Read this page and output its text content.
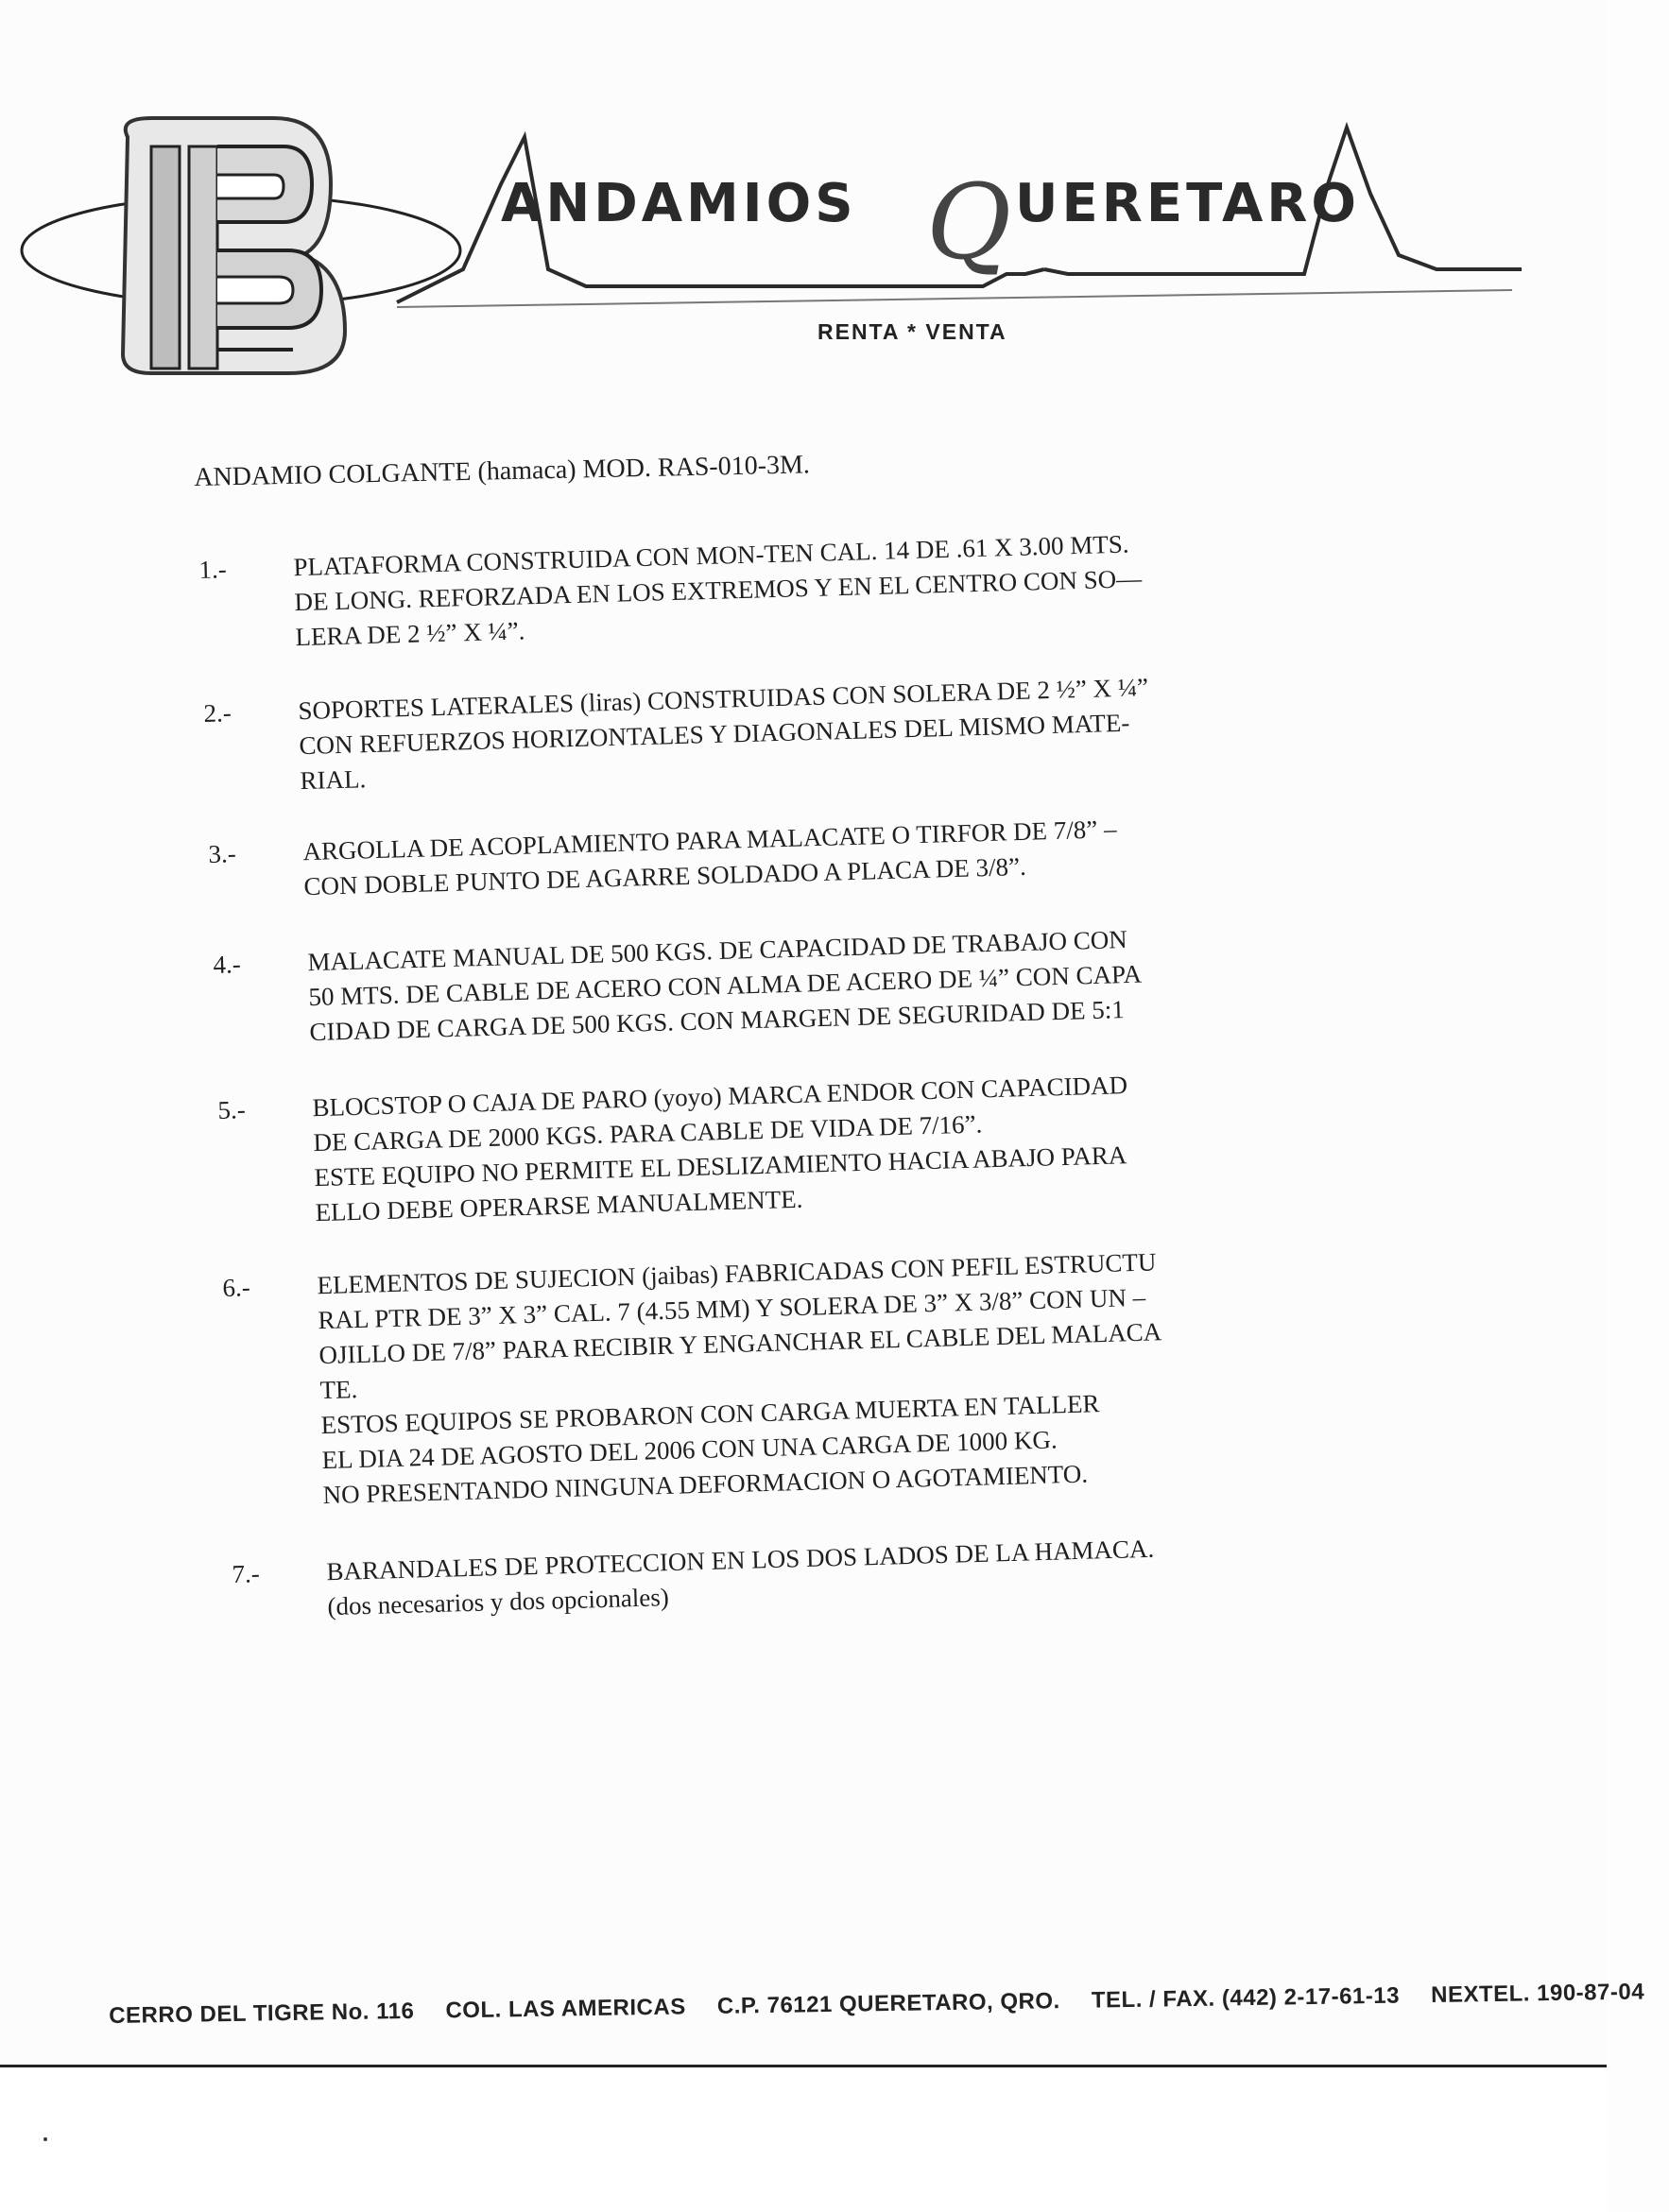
ANDAMIOS Q UERETARO
RENTA * VENTA
ANDAMIO COLGANTE (hamaca) MOD. RAS-010-3M.
1.-	PLATAFORMA CONSTRUIDA CON MON-TEN CAL. 14 DE .61 X 3.00 MTS.
DE LONG. REFORZADA EN LOS EXTREMOS Y EN EL CENTRO CON SO—
LERA DE 2 ½” X ¼”.
2.-	SOPORTES LATERALES (liras) CONSTRUIDAS CON SOLERA DE 2 ½” X ¼”
CON REFUERZOS HORIZONTALES Y DIAGONALES DEL MISMO MATE-
RIAL.
3.-	ARGOLLA DE ACOPLAMIENTO PARA MALACATE O TIRFOR DE 7/8” –
CON DOBLE PUNTO DE AGARRE SOLDADO A PLACA DE 3/8”.
4.-	MALACATE MANUAL DE 500 KGS. DE CAPACIDAD DE TRABAJO CON
50 MTS. DE CABLE DE ACERO CON ALMA DE ACERO DE ¼” CON CAPA
CIDAD DE CARGA DE 500 KGS. CON MARGEN DE SEGURIDAD DE 5:1
5.-	BLOCSTOP O CAJA DE PARO (yoyo) MARCA ENDOR CON CAPACIDAD
DE CARGA DE 2000 KGS. PARA CABLE DE VIDA DE 7/16”.
ESTE EQUIPO NO PERMITE EL DESLIZAMIENTO HACIA ABAJO PARA
ELLO DEBE OPERARSE MANUALMENTE.
6.-	ELEMENTOS DE SUJECION (jaibas) FABRICADAS CON PEFIL ESTRUCTU
RAL PTR DE 3” X 3” CAL. 7 (4.55 MM) Y SOLERA DE 3” X 3/8” CON UN –
OJILLO DE 7/8” PARA RECIBIR Y ENGANCHAR EL CABLE DEL MALACA
TE.
ESTOS EQUIPOS SE PROBARON CON CARGA MUERTA EN TALLER
EL DIA 24 DE AGOSTO DEL 2006 CON UNA CARGA DE 1000 KG.
NO PRESENTANDO NINGUNA DEFORMACION O AGOTAMIENTO.
7.-	BARANDALES DE PROTECCION EN LOS DOS LADOS DE LA HAMACA.
(dos necesarios y dos opcionales)
CERRO DEL TIGRE No. 116 COL. LAS AMERICAS C.P. 76121 QUERETARO, QRO. TEL. / FAX. (442) 2-17-61-13 NEXTEL. 190-87-04
